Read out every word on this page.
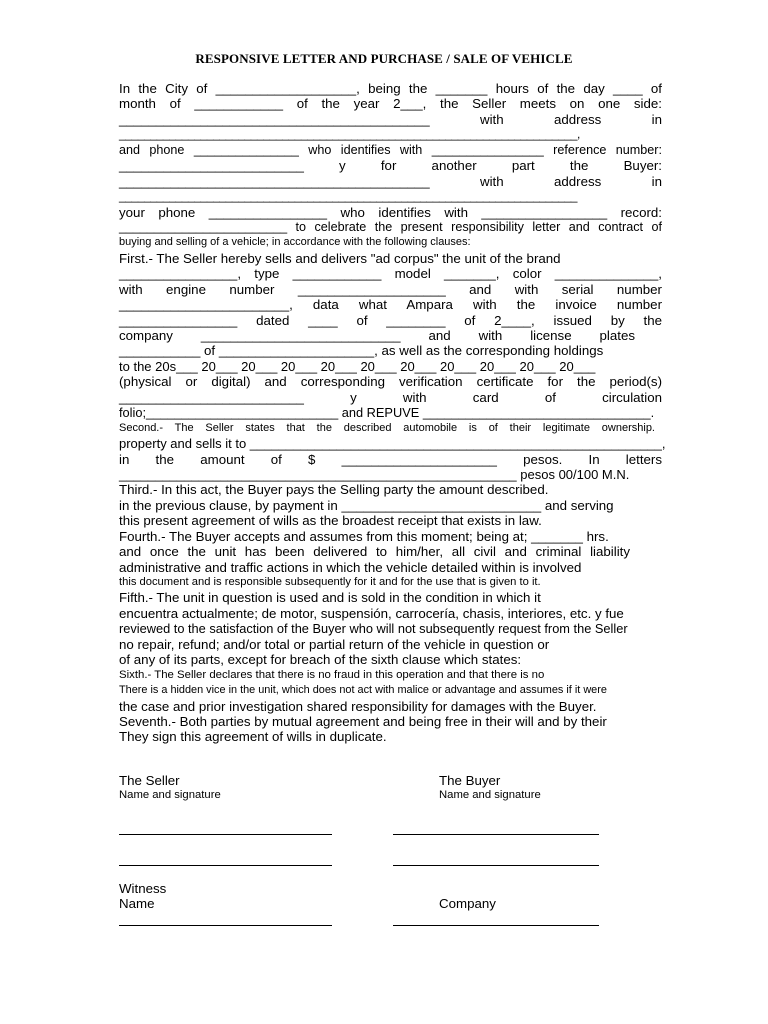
RESPONSIVE LETTER AND PURCHASE / SALE OF VEHICLE
In the City of ___________________, being the _______ hours of the day ____ of
month of ____________ of the year 2___, the Seller meets on one side:
__________________________________________ with address in
_________________________________________________________________________,
and phone _______________ who identifies with ________________ reference number:
_________________________ y for another part the Buyer:
__________________________________________ with address in
_________________________________________________________________________
your phone ________________ who identifies with _________________ record:
________________________ to celebrate the present responsibility letter and contract of
buying and selling of a vehicle; in accordance with the following clauses:
First.- The Seller hereby sells and delivers "ad corpus" the unit of the brand
________________, type ____________ model _______, color ______________,
with engine number ____________________ and with serial number
_______________________, data what Ampara with the invoice number
________________ dated ____ of ________ of 2____, issued by the
company ___________________________ and with license plates
___________ of _____________________, as well as the corresponding holdings
to the 20s___ 20___ 20___ 20___ 20___ 20___ 20___ 20___ 20___ 20___ 20___
(physical or digital) and corresponding verification certificate for the period(s)
_________________________ y with card of circulation
folio;___________________________ and REPUVE ________________________________.
Second.- The Seller states that the described automobile is of their legitimate ownership.
property and sells it to _________________________________________________________,
in the amount of $ _____________________ pesos. In letters
_______________________________________________________ pesos 00/100 M.N.
Third.- In this act, the Buyer pays the Selling party the amount described.
in the previous clause, by payment in ___________________________ and serving
this present agreement of wills as the broadest receipt that exists in law.
Fourth.- The Buyer accepts and assumes from this moment; being at; _______ hrs.
and once the unit has been delivered to him/her, all civil and criminal liability
administrative and traffic actions in which the vehicle detailed within is involved
this document and is responsible subsequently for it and for the use that is given to it.
Fifth.- The unit in question is used and is sold in the condition in which it
encuentra actualmente; de motor, suspensión, carrocería, chasis, interiores, etc. y fue
reviewed to the satisfaction of the Buyer who will not subsequently request from the Seller
no repair, refund; and/or total or partial return of the vehicle in question or
of any of its parts, except for breach of the sixth clause which states:
Sixth.- The Seller declares that there is no fraud in this operation and that there is no
There is a hidden vice in the unit, which does not act with malice or advantage and assumes if it were
the case and prior investigation shared responsibility for damages with the Buyer.
Seventh.- Both parties by mutual agreement and being free in their will and by their
They sign this agreement of wills in duplicate.
The Seller
Name and signature
The Buyer
Name and signature
Witness
Name	Company
